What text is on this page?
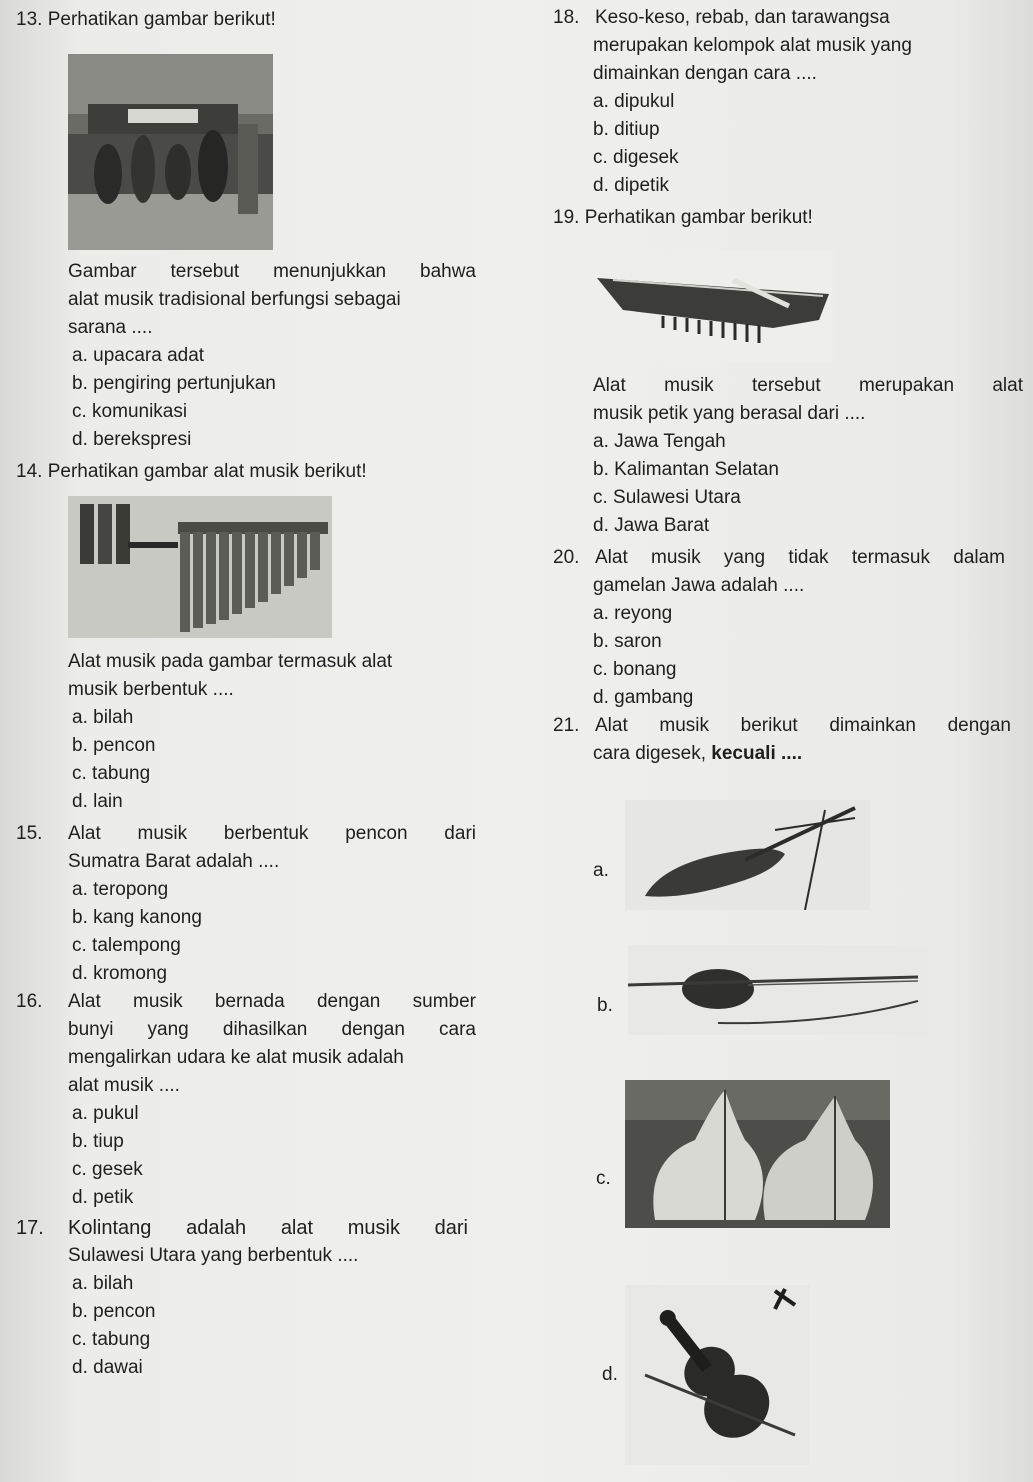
13. Perhatikan gambar berikut!
Gambar tersebut menunjukkan bahwa
alat musik tradisional berfungsi sebagai
sarana ....
a. upacara adat
b. pengiring pertunjukan
c. komunikasi
d. berekspresi
14. Perhatikan gambar alat musik berikut!
Alat musik pada gambar termasuk alat
musik berbentuk ....
a. bilah
b. pencon
c. tabung
d. lain
15.	Alat musik berbentuk pencon dari
Sumatra Barat adalah ....
a. teropong
b. kang kanong
c. talempong
d. kromong
16.	Alat musik bernada dengan sumber
bunyi yang dihasilkan dengan cara
mengalirkan udara ke alat musik adalah
alat musik ....
a. pukul
b. tiup
c. gesek
d. petik
17.	Kolintang adalah alat musik dari
Sulawesi Utara yang berbentuk ....
a. bilah
b. pencon
c. tabung
d. dawai
18. Keso-keso, rebab, dan tarawangsa
merupakan kelompok alat musik yang
dimainkan dengan cara ....
a. dipukul
b. ditiup
c. digesek
d. dipetik
19. Perhatikan gambar berikut!
Alat musik tersebut merupakan alat
musik petik yang berasal dari ....
a. Jawa Tengah
b. Kalimantan Selatan
c. Sulawesi Utara
d. Jawa Barat
20. Alat musik yang tidak termasuk dalam
gamelan Jawa adalah ....
a. reyong
b. saron
c. bonang
d. gambang
21. Alat musik berikut dimainkan dengan
cara digesek, kecuali ....
a.
b.
c.
d.
